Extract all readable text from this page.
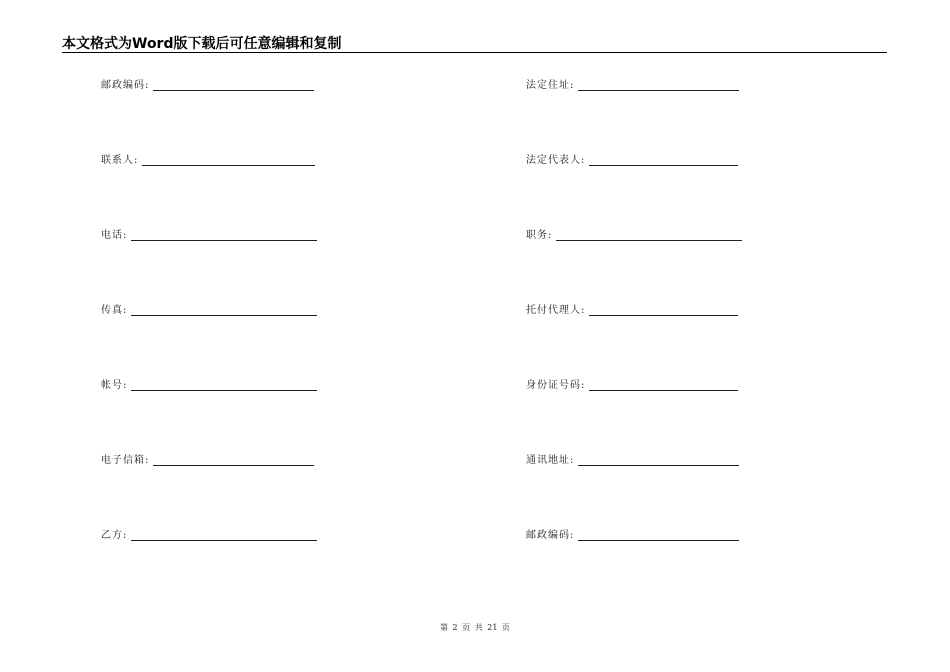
本文格式为Word版下载后可任意编辑和复制
邮政编码:
联系人:
电话:
传真:
帐号:
电子信箱:
乙方:
法定住址:
法定代表人:
职务:
托付代理人:
身份证号码:
通讯地址:
邮政编码:
第 2 页 共 21 页
